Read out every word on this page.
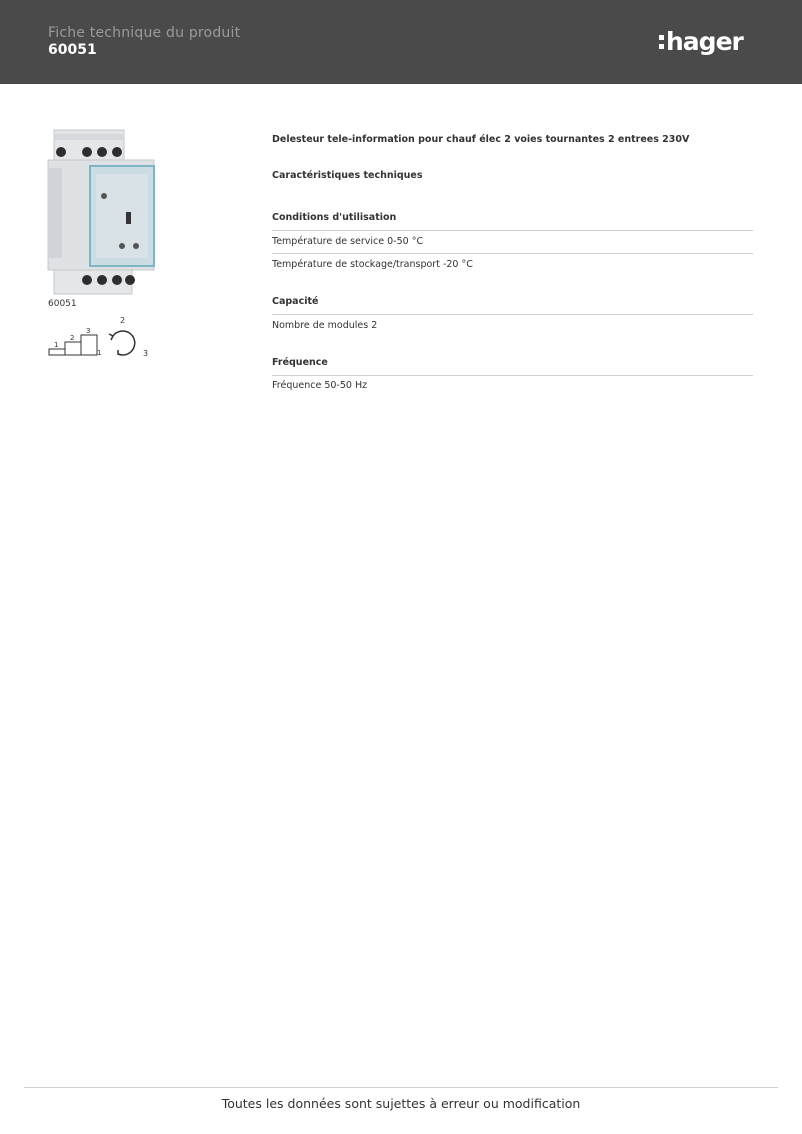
Fiche technique du produit
60051	hager
60051
1
2
3
1
2
3
Delesteur tele-information pour chauf élec 2 voies tournantes 2 entrees 230V
Caractéristiques techniques
Conditions d'utilisation
Température de service 0-50 °C
Température de stockage/transport -20 °C
Capacité
Nombre de modules 2
Fréquence
Fréquence 50-50 Hz
Toutes les données sont sujettes à erreur ou modification
